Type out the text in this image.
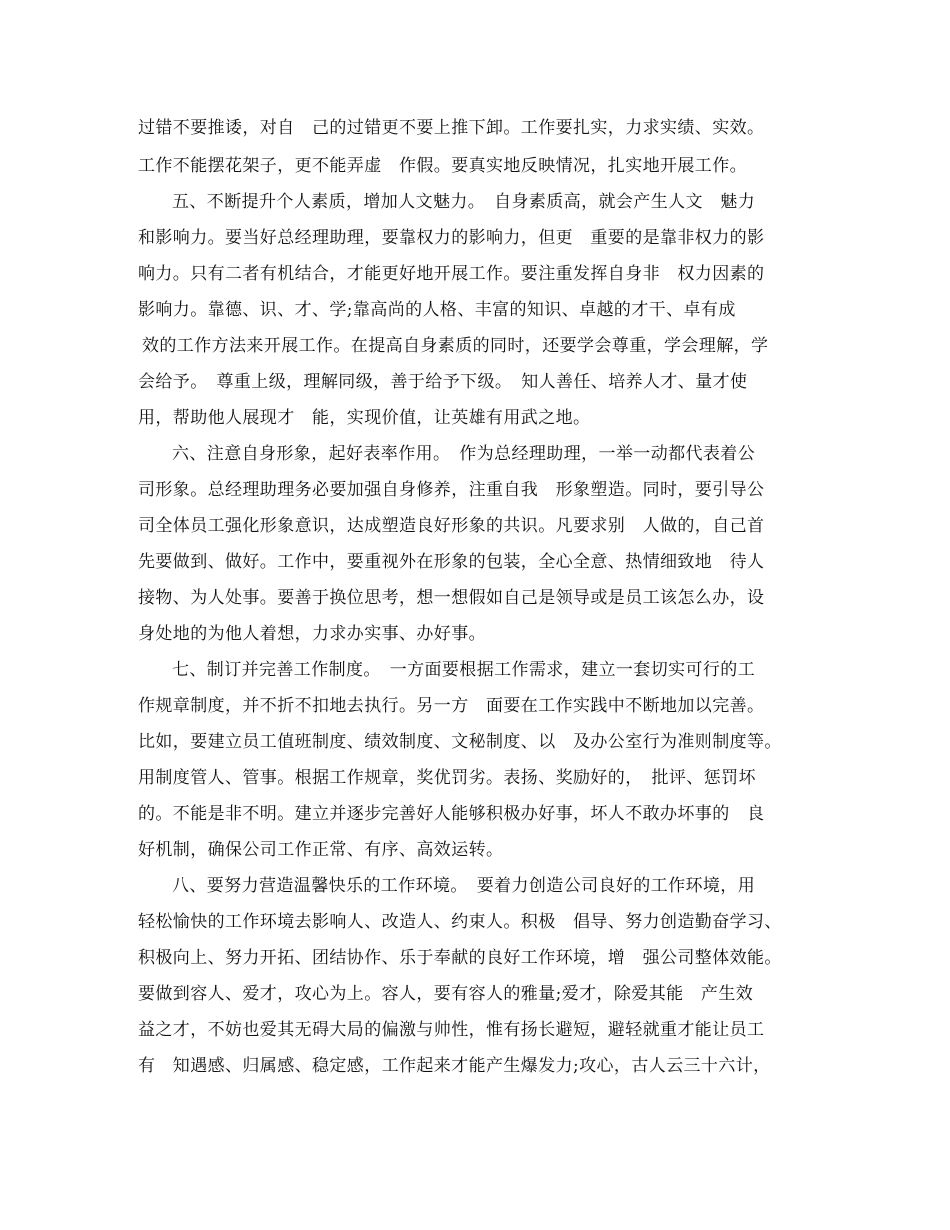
过错不要推诿，对自　己的过错更不要上推下卸。工作要扎实，力求实绩、实效。
工作不能摆花架子，更不能弄虚　作假。要真实地反映情况，扎实地开展工作。
五、不断提升个人素质，增加人文魅力。　自身素质高，就会产生人文　魅力
和影响力。要当好总经理助理，要靠权力的影响力，但更　重要的是靠非权力的影
响力。只有二者有机结合，才能更好地开展工作。要注重发挥自身非　权力因素的
影响力。靠德、识、才、学;靠高尚的人格、丰富的知识、卓越的才干、卓有成
效的工作方法来开展工作。在提高自身素质的同时，还要学会尊重，学会理解，学
会给予。　尊重上级，理解同级，善于给予下级。　知人善任、培养人才、量才使
用，帮助他人展现才　能，实现价值，让英雄有用武之地。
六、注意自身形象，起好表率作用。　作为总经理助理，一举一动都代表着公
司形象。总经理助理务必要加强自身修养，注重自我　形象塑造。同时，要引导公
司全体员工强化形象意识，达成塑造良好形象的共识。凡要求别　人做的，自己首
先要做到、做好。工作中，要重视外在形象的包装，全心全意、热情细致地　待人
接物、为人处事。要善于换位思考，想一想假如自己是领导或是员工该怎么办，设
身处地的为他人着想，力求办实事、办好事。
七、制订并完善工作制度。　一方面要根据工作需求，建立一套切实可行的工
作规章制度，并不折不扣地去执行。另一方　面要在工作实践中不断地加以完善。
比如，要建立员工值班制度、绩效制度、文秘制度、以　及办公室行为准则制度等。
用制度管人、管事。根据工作规章，奖优罚劣。表扬、奖励好的，　批评、惩罚坏
的。不能是非不明。建立并逐步完善好人能够积极办好事，坏人不敢办坏事的　良
好机制，确保公司工作正常、有序、高效运转。
八、要努力营造温馨快乐的工作环境。　要着力创造公司良好的工作环境，用
轻松愉快的工作环境去影响人、改造人、约束人。积极　倡导、努力创造勤奋学习、
积极向上、努力开拓、团结协作、乐于奉献的良好工作环境，增　强公司整体效能。
要做到容人、爱才，攻心为上。容人，要有容人的雅量;爱才，除爱其能　产生效
益之才，不妨也爱其无碍大局的偏激与帅性，惟有扬长避短，避轻就重才能让员工
有　知遇感、归属感、稳定感，工作起来才能产生爆发力;攻心，古人云三十六计，
